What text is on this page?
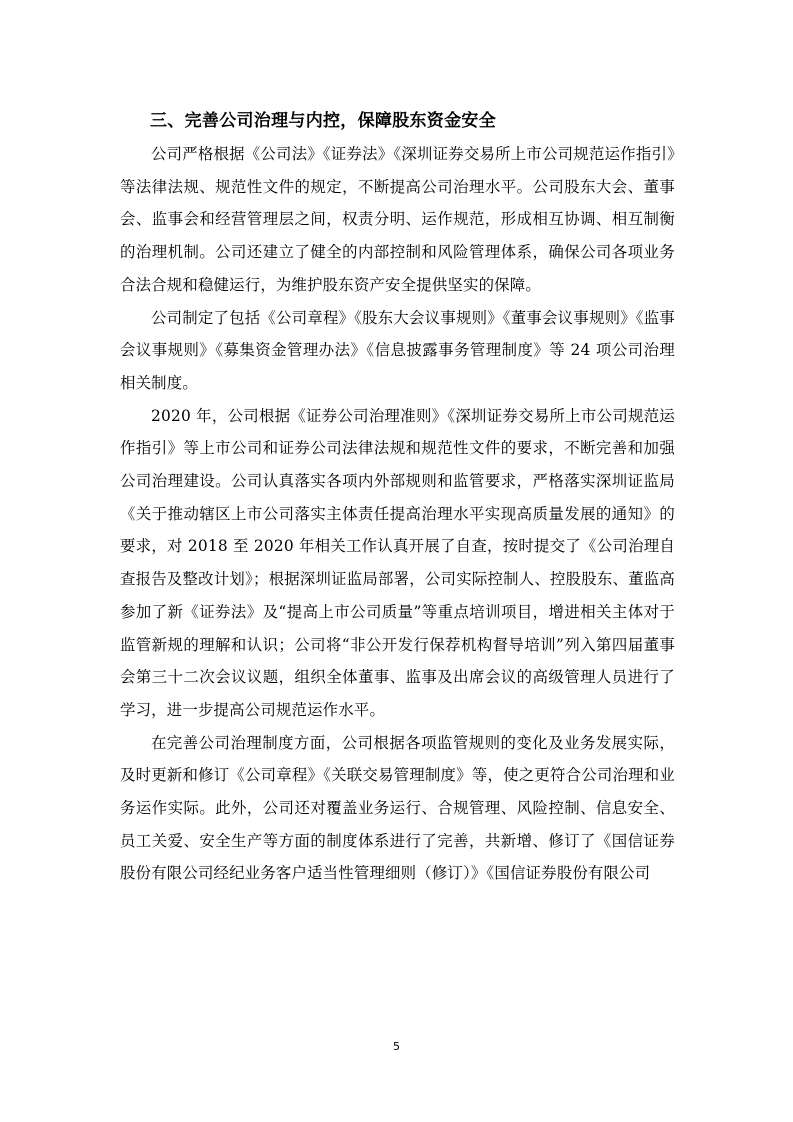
三、完善公司治理与内控，保障股东资金安全

公司严格根据《公司法》《证券法》《深圳证券交易所上市公司规范运作指引》等法律法规、规范性文件的规定，不断提高公司治理水平。公司股东大会、董事会、监事会和经营管理层之间，权责分明、运作规范，形成相互协调、相互制衡的治理机制。公司还建立了健全的内部控制和风险管理体系，确保公司各项业务合法合规和稳健运行，为维护股东资产安全提供坚实的保障。

公司制定了包括《公司章程》《股东大会议事规则》《董事会议事规则》《监事会议事规则》《募集资金管理办法》《信息披露事务管理制度》等 24 项公司治理相关制度。

2020 年，公司根据《证券公司治理准则》《深圳证券交易所上市公司规范运作指引》等上市公司和证券公司法律法规和规范性文件的要求，不断完善和加强公司治理建设。公司认真落实各项内外部规则和监管要求，严格落实深圳证监局《关于推动辖区上市公司落实主体责任提高治理水平实现高质量发展的通知》的要求，对 2018 至 2020 年相关工作认真开展了自查，按时提交了《公司治理自查报告及整改计划》；根据深圳证监局部署，公司实际控制人、控股股东、董监高参加了新《证券法》及“提高上市公司质量”等重点培训项目，增进相关主体对于监管新规的理解和认识；公司将“非公开发行保荐机构督导培训”列入第四届董事会第三十二次会议议题，组织全体董事、监事及出席会议的高级管理人员进行了学习，进一步提高公司规范运作水平。

在完善公司治理制度方面，公司根据各项监管规则的变化及业务发展实际，及时更新和修订《公司章程》《关联交易管理制度》等，使之更符合公司治理和业务运作实际。此外，公司还对覆盖业务运行、合规管理、风险控制、信息安全、员工关爱、安全生产等方面的制度体系进行了完善，共新增、修订了《国信证券股份有限公司经纪业务客户适当性管理细则（修订）》《国信证券股份有限公司

5
